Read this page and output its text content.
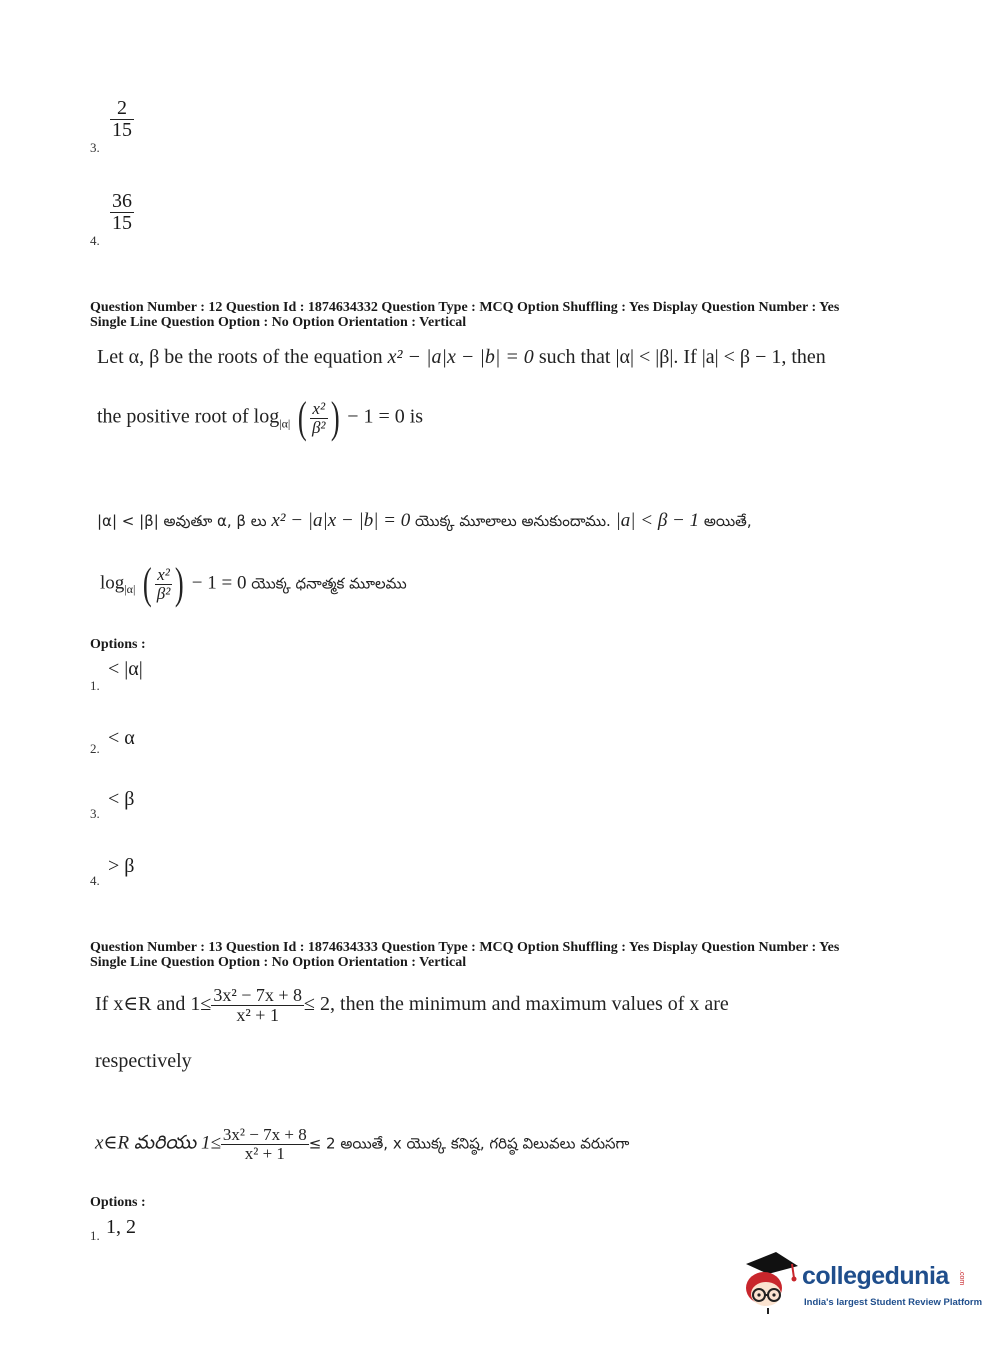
3.
2
15
4.
36
15
Question Number : 12 Question Id : 1874634332 Question Type : MCQ Option Shuffling : Yes Display Question Number : Yes
Single Line Question Option : No Option Orientation : Vertical
Let α, β be the roots of the equation x² − |a|x − |b| = 0 such that |α| < |β|. If |a| < β − 1, then
the positive root of $\log_{|\alpha|}$ ( $\frac{\text{x²}}{\text{β²}}$ ) − 1 = 0 is
|α| < |β| అవుతూ α, β లు x² − |a|x − |b| = 0 యొక్క మూలాలు అనుకుందాము. |a| < β − 1 అయితే,
$\log_{|\alpha|}$ ( $\frac{\text{x²}}{\text{β²}}$ ) − 1 = 0 యొక్క ధనాత్మక మూలము
Options :
1.
< |α|
2. < α
3.
< β
4.
> β
Question Number : 13 Question Id : 1874634333 Question Type : MCQ Option Shuffling : Yes Display Question Number : Yes
Single Line Question Option : No Option Orientation : Vertical
If x∈R and $1\le \frac{\text{3x² − 7x + 8}}{\text{x² + 1}} \le 2$, then the minimum and maximum values of x are
respectively
x∈R మరియు $1\le \frac{\text{3x² − 7x + 8}}{\text{x² + 1}} \le 2$ అయితే, x యొక్క కనిష్ఠ, గరిష్ఠ విలువలు వరుసగా
Options :
1. 1, 2
collegedunia .com
India's largest Student Review Platform
